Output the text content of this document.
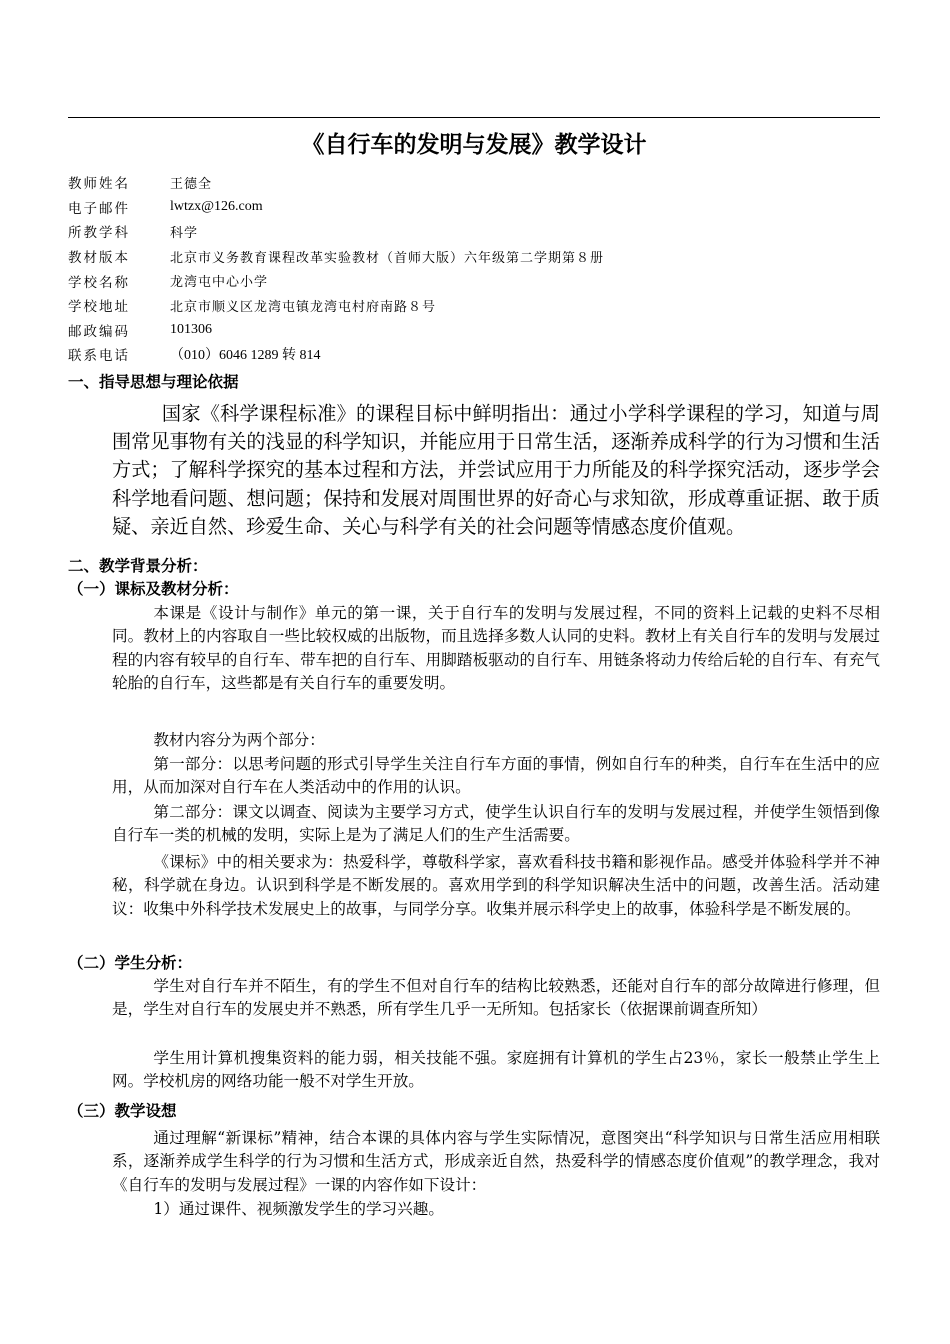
《自行车的发明与发展》教学设计
教师姓名	王德全
电子邮件	lwtzx@126.com
所教学科	科学
教材版本	北京市义务教育课程改革实验教材（首师大版）六年级第二学期第８册
学校名称	龙湾屯中心小学
学校地址	北京市顺义区龙湾屯镇龙湾屯村府南路８号
邮政编码	101306
联系电话	（010）6046 1289 转 814
一、指导思想与理论依据

国家《科学课程标准》的课程目标中鲜明指出：通过小学科学课程的学习，知道与周围常见事物有关的浅显的科学知识，并能应用于日常生活，逐渐养成科学的行为习惯和生活方式；了解科学探究的基本过程和方法，并尝试应用于力所能及的科学探究活动，逐步学会科学地看问题、想问题；保持和发展对周围世界的好奇心与求知欲，形成尊重证据、敢于质疑、亲近自然、珍爱生命、关心与科学有关的社会问题等情感态度价值观。

二、教学背景分析：
（一）课标及教材分析：

本课是《设计与制作》单元的第一课，关于自行车的发明与发展过程，不同的资料上记载的史料不尽相同。教材上的内容取自一些比较权威的出版物，而且选择多数人认同的史料。教材上有关自行车的发明与发展过程的内容有较早的自行车、带车把的自行车、用脚踏板驱动的自行车、用链条将动力传给后轮的自行车、有充气轮胎的自行车，这些都是有关自行车的重要发明。

教材内容分为两个部分：

第一部分：以思考问题的形式引导学生关注自行车方面的事情，例如自行车的种类，自行车在生活中的应用，从而加深对自行车在人类活动中的作用的认识。

第二部分：课文以调查、阅读为主要学习方式，使学生认识自行车的发明与发展过程，并使学生领悟到像自行车一类的机械的发明，实际上是为了满足人们的生产生活需要。

《课标》中的相关要求为：热爱科学，尊敬科学家，喜欢看科技书籍和影视作品。感受并体验科学并不神秘，科学就在身边。认识到科学是不断发展的。喜欢用学到的科学知识解决生活中的问题，改善生活。活动建议：收集中外科学技术发展史上的故事，与同学分享。收集并展示科学史上的故事，体验科学是不断发展的。

（二）学生分析：

学生对自行车并不陌生，有的学生不但对自行车的结构比较熟悉，还能对自行车的部分故障进行修理，但是，学生对自行车的发展史并不熟悉，所有学生几乎一无所知。包括家长（依据课前调查所知）

学生用计算机搜集资料的能力弱，相关技能不强。家庭拥有计算机的学生占23％，家长一般禁止学生上网。学校机房的网络功能一般不对学生开放。

（三）教学设想

通过理解“新课标”精神，结合本课的具体内容与学生实际情况，意图突出“科学知识与日常生活应用相联系，逐渐养成学生科学的行为习惯和生活方式，形成亲近自然，热爱科学的情感态度价值观”的教学理念，我对《自行车的发明与发展过程》一课的内容作如下设计：

1）通过课件、视频激发学生的学习兴趣。
